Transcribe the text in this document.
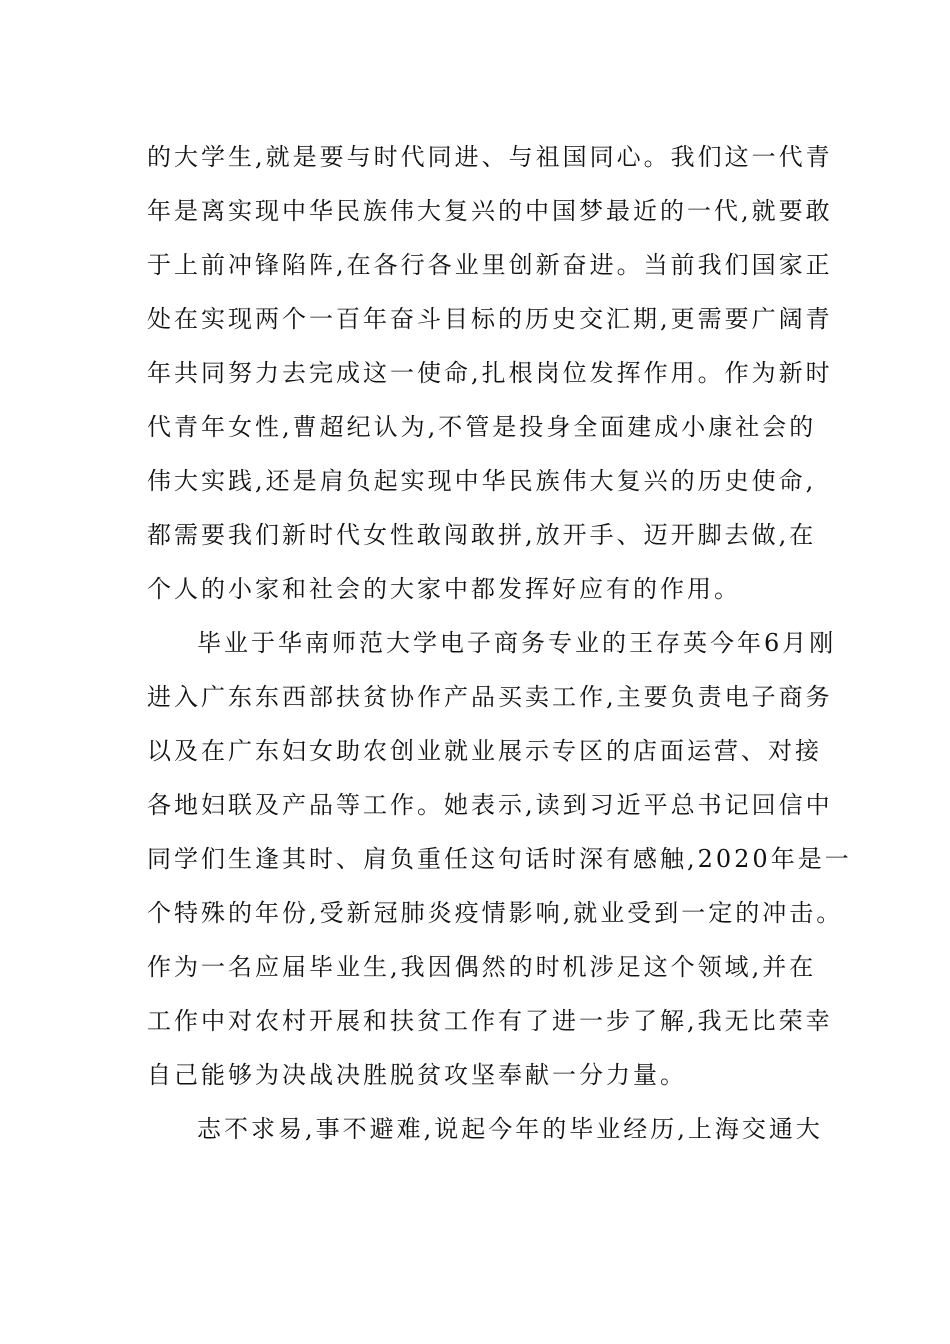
的大学生,就是要与时代同进、与祖国同心。我们这一代青
年是离实现中华民族伟大复兴的中国梦最近的一代,就要敢
于上前冲锋陷阵,在各行各业里创新奋进。当前我们国家正
处在实现两个一百年奋斗目标的历史交汇期,更需要广阔青
年共同努力去完成这一使命,扎根岗位发挥作用。作为新时
代青年女性,曹超纪认为,不管是投身全面建成小康社会的
伟大实践,还是肩负起实现中华民族伟大复兴的历史使命,
都需要我们新时代女性敢闯敢拼,放开手、迈开脚去做,在
个人的小家和社会的大家中都发挥好应有的作用。
毕业于华南师范大学电子商务专业的王存英今年6月刚
进入广东东西部扶贫协作产品买卖工作,主要负责电子商务
以及在广东妇女助农创业就业展示专区的店面运营、对接
各地妇联及产品等工作。她表示,读到习近平总书记回信中
同学们生逢其时、肩负重任这句话时深有感触,2020年是一
个特殊的年份,受新冠肺炎疫情影响,就业受到一定的冲击。
作为一名应届毕业生,我因偶然的时机涉足这个领域,并在
工作中对农村开展和扶贫工作有了进一步了解,我无比荣幸
自己能够为决战决胜脱贫攻坚奉献一分力量。
志不求易,事不避难,说起今年的毕业经历,上海交通大
